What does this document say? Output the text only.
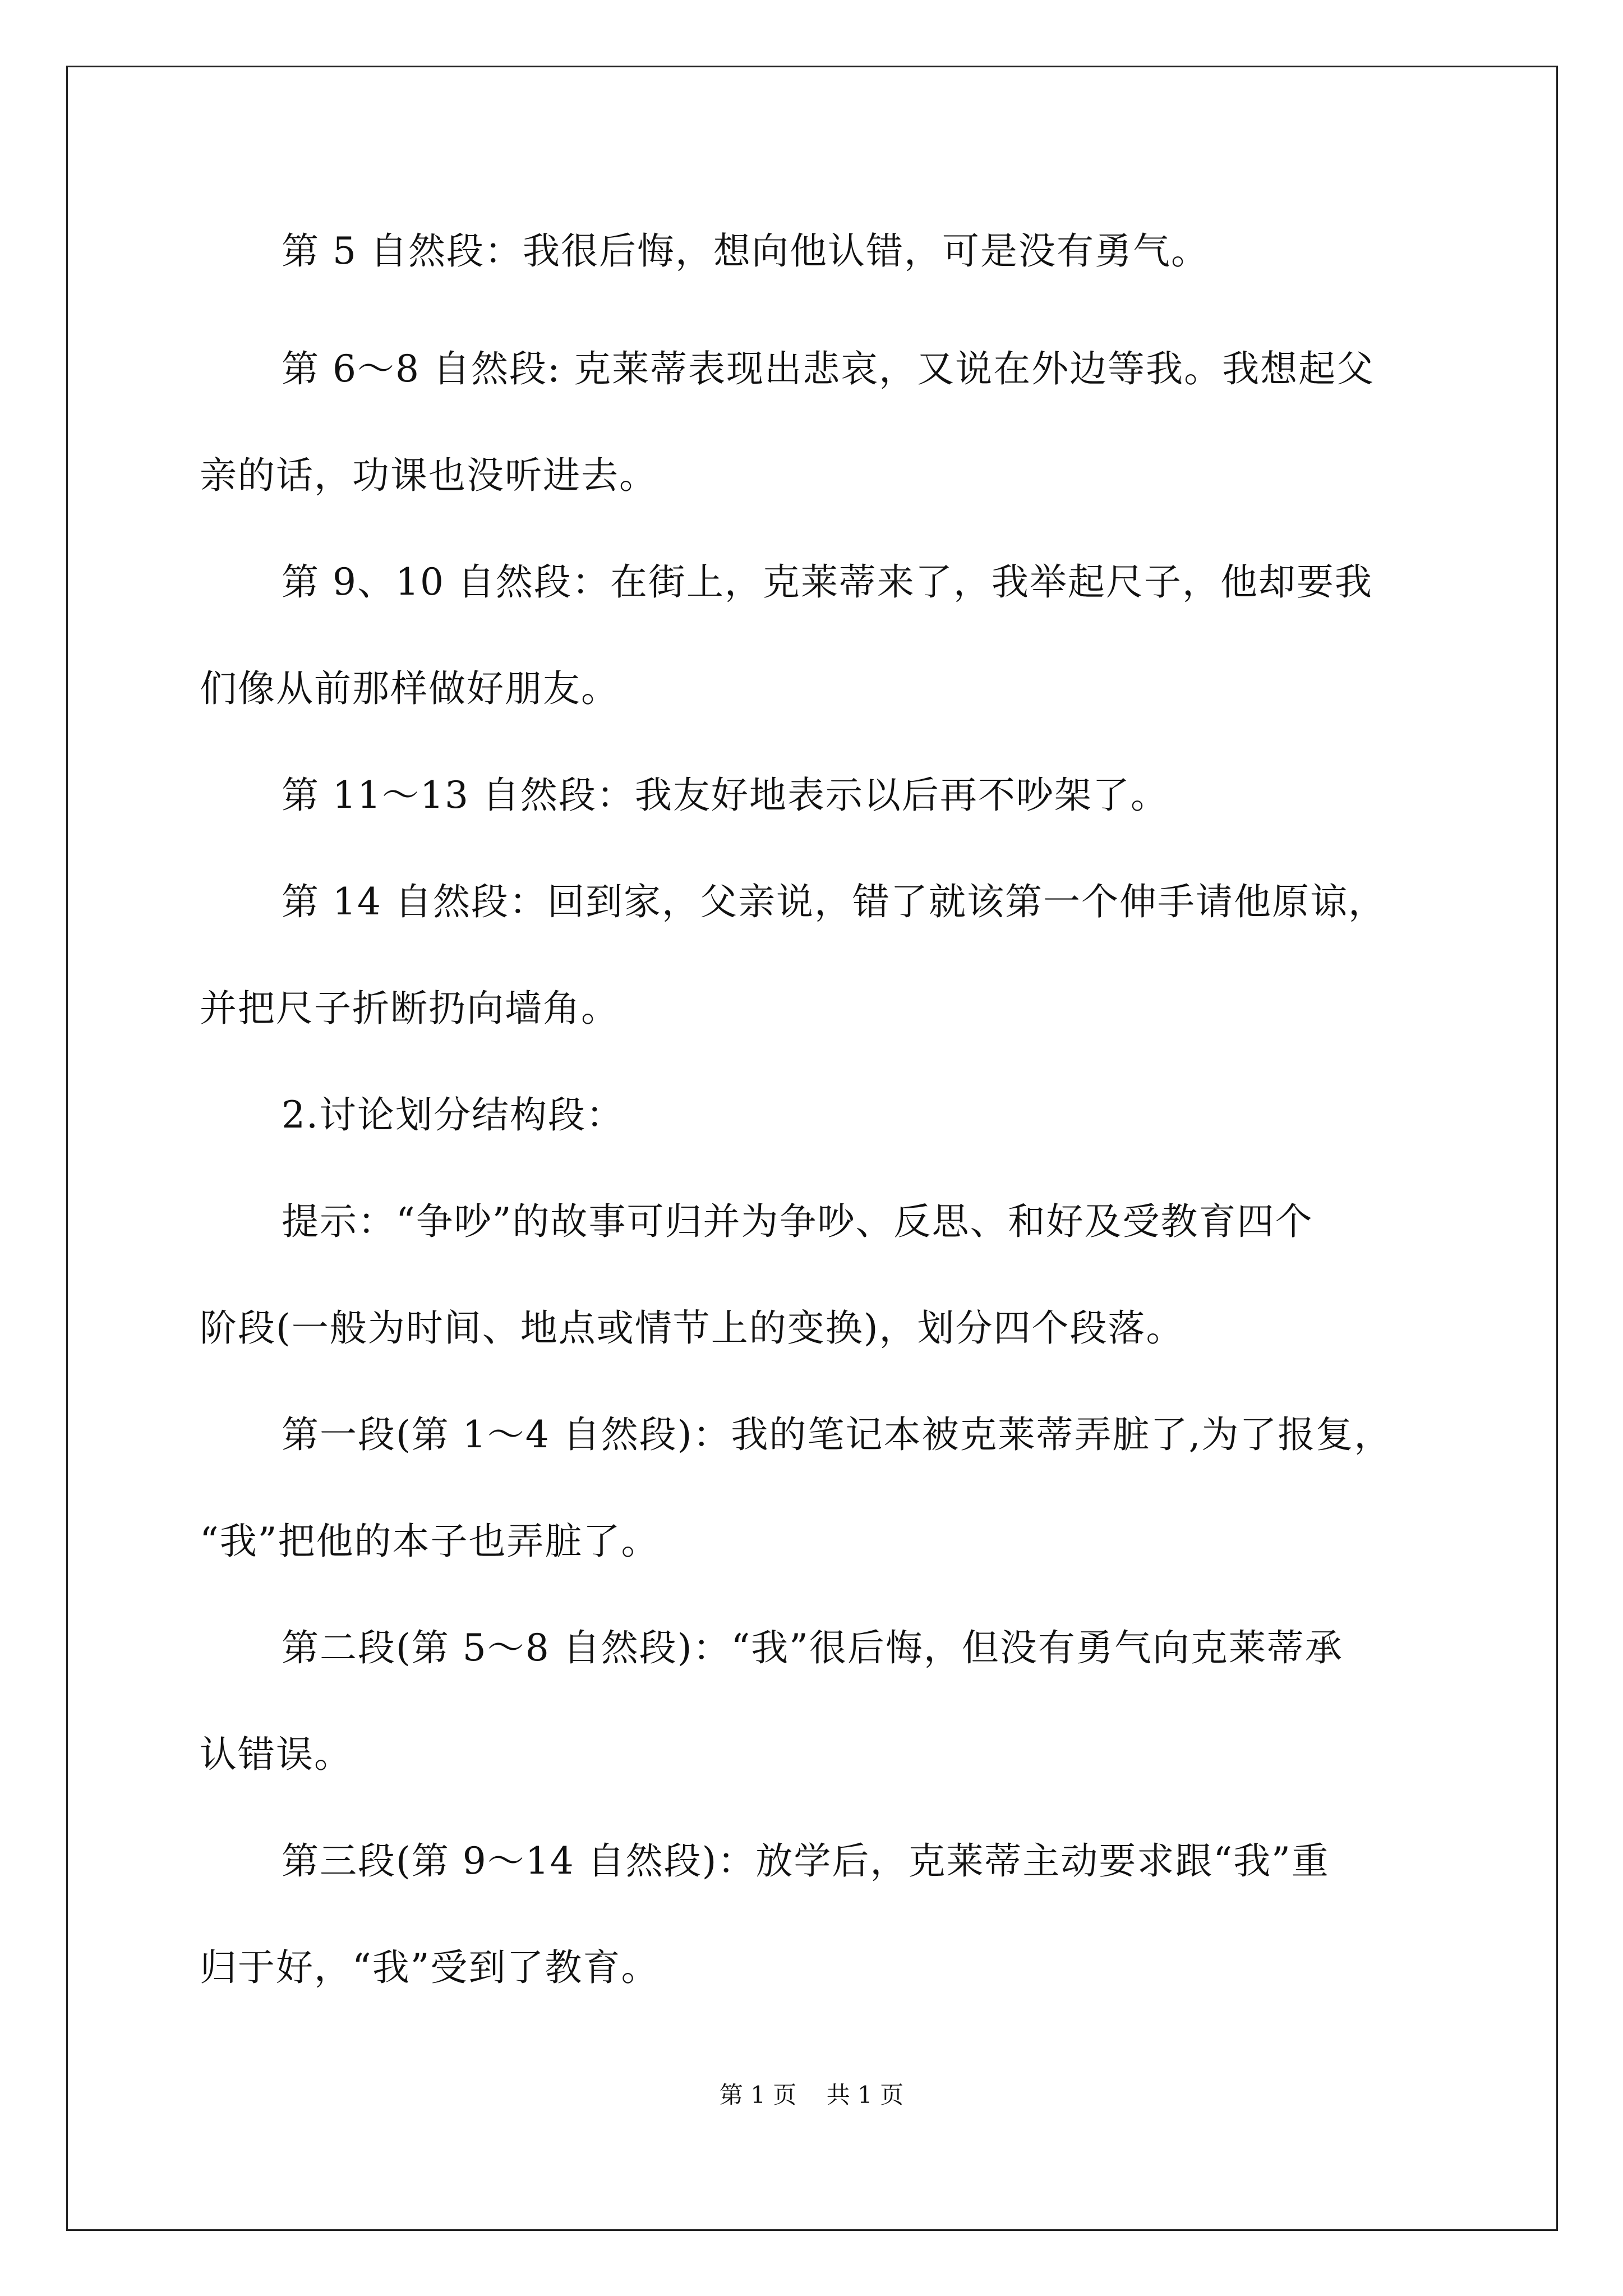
第 5 自然段：我很后悔，想向他认错，可是没有勇气。
第 6～8 自然段: 克莱蒂表现出悲哀，又说在外边等我。我想起父
亲的话，功课也没听进去。
第 9、10 自然段：在街上，克莱蒂来了，我举起尺子，他却要我
们像从前那样做好朋友。
第 11～13 自然段：我友好地表示以后再不吵架了。
第 14 自然段：回到家，父亲说，错了就该第一个伸手请他原谅，
并把尺子折断扔向墙角。
2.讨论划分结构段：
提示：“争吵”的故事可归并为争吵、反思、和好及受教育四个
阶段(一般为时间、地点或情节上的变换)，划分四个段落。
第一段(第 1～4 自然段)：我的笔记本被克莱蒂弄脏了,为了报复，
“我”把他的本子也弄脏了。
第二段(第 5～8 自然段)：“我”很后悔，但没有勇气向克莱蒂承
认错误。
第三段(第 9～14 自然段)：放学后，克莱蒂主动要求跟“我”重
归于好，“我”受到了教育。
第 1 页    共 1 页
